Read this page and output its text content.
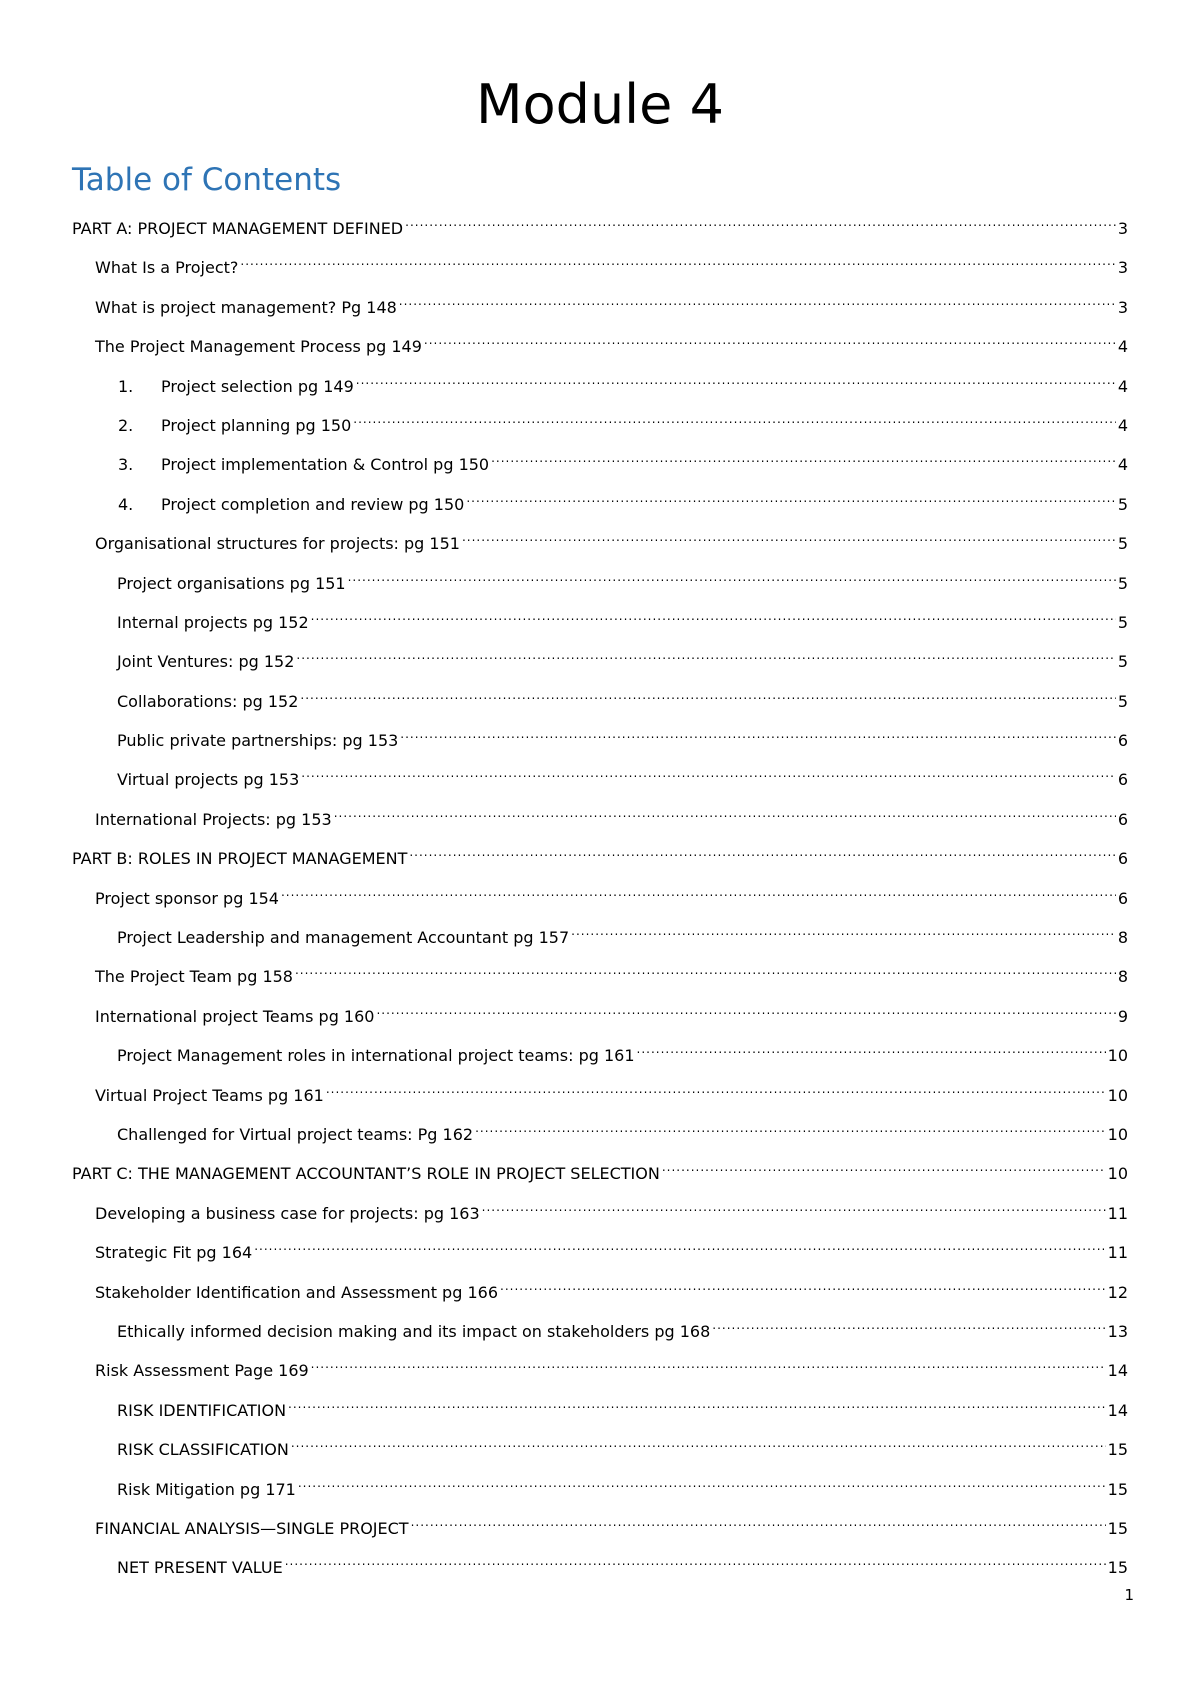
Module 4
Table of Contents
PART A: PROJECT MANAGEMENT DEFINED .....	3
What Is a Project? .....	3
What is project management? Pg 148 .....	3
The Project Management Process pg 149 .....	4
1.	Project selection pg 149 .....	4
2.	Project planning pg 150 .....	4
3.	Project implementation & Control pg 150 .....	4
4.	Project completion and review pg 150 .....	5
Organisational structures for projects: pg 151 .....	5
Project organisations pg 151 .....	5
Internal projects pg 152 .....	5
Joint Ventures: pg 152 .....	5
Collaborations: pg 152 .....	5
Public private partnerships: pg 153 .....	6
Virtual projects pg 153 .....	6
International Projects: pg 153 .....	6
PART B: ROLES IN PROJECT MANAGEMENT .....	6
Project sponsor pg 154 .....	6
Project Leadership and management Accountant pg 157 .....	8
The Project Team pg 158 .....	8
International project Teams pg 160 .....	9
Project Management roles in international project teams: pg 161 .....	10
Virtual Project Teams pg 161 .....	10
Challenged for Virtual project teams: Pg 162 .....	10
PART C: THE MANAGEMENT ACCOUNTANT’S ROLE IN PROJECT SELECTION .....	10
Developing a business case for projects: pg 163 .....	11
Strategic Fit pg 164 .....	11
Stakeholder Identification and Assessment pg 166 .....	12
Ethically informed decision making and its impact on stakeholders pg 168 .....	13
Risk Assessment Page 169 .....	14
RISK IDENTIFICATION .....	14
RISK CLASSIFICATION .....	15
Risk Mitigation pg 171 .....	15
FINANCIAL ANALYSIS—SINGLE PROJECT .....	15
NET PRESENT VALUE .....	15
1
